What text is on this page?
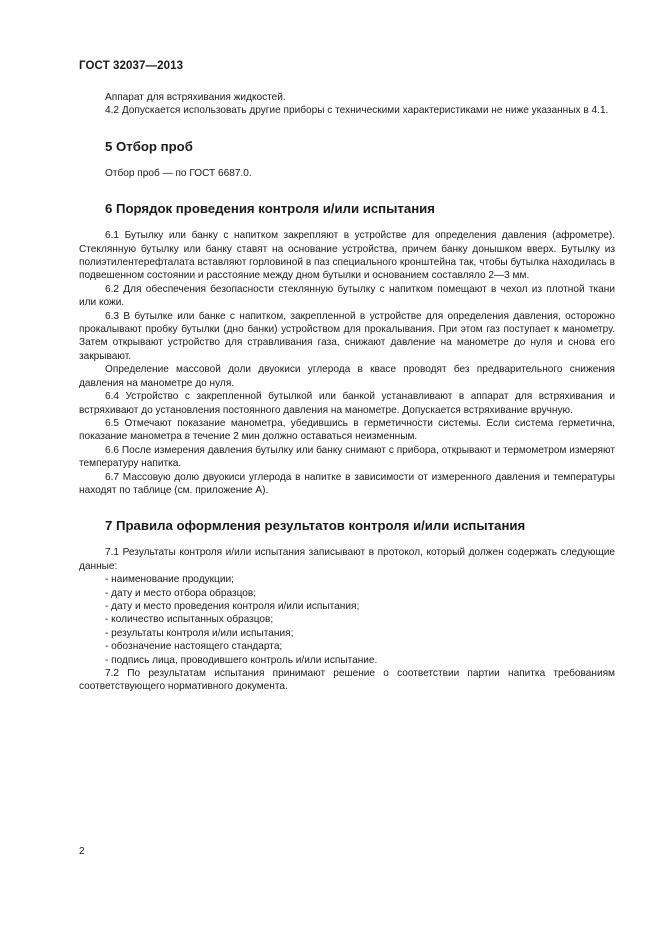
ГОСТ 32037—2013

Аппарат для встряхивания жидкостей.

4.2 Допускается использовать другие приборы с техническими характеристиками не ниже указанных в 4.1.

5 Отбор проб

Отбор проб — по ГОСТ 6687.0.

6 Порядок проведения контроля и/или испытания

6.1 Бутылку или банку с напитком закрепляют в устройстве для определения давления (афрометре). Стеклянную бутылку или банку ставят на основание устройства, причем банку донышком вверх. Бутылку из полиэтилентерефталата вставляют горловиной в паз специального кронштейна так, чтобы бутылка находилась в подвешенном состоянии и расстояние между дном бутылки и основанием составляло 2—3 мм.

6.2 Для обеспечения безопасности стеклянную бутылку с напитком помещают в чехол из плотной ткани или кожи.

6.3 В бутылке или банке с напитком, закрепленной в устройстве для определения давления, осторожно прокалывают пробку бутылки (дно банки) устройством для прокалывания. При этом газ поступает к манометру. Затем открывают устройство для стравливания газа, снижают давление на манометре до нуля и снова его закрывают.

Определение массовой доли двуокиси углерода в квасе проводят без предварительного снижения давления на манометре до нуля.

6.4 Устройство с закрепленной бутылкой или банкой устанавливают в аппарат для встряхивания и встряхивают до установления постоянного давления на манометре. Допускается встряхивание вручную.

6.5 Отмечают показание манометра, убедившись в герметичности системы. Если система герметична, показание манометра в течение 2 мин должно оставаться неизменным.

6.6 После измерения давления бутылку или банку снимают с прибора, открывают и термометром измеряют температуру напитка.

6.7 Массовую долю двуокиси углерода в напитке в зависимости от измеренного давления и температуры находят по таблице (см. приложение А).

7 Правила оформления результатов контроля и/или испытания

7.1 Результаты контроля и/или испытания записывают в протокол, который должен содержать следующие данные:

- наименование продукции;

- дату и место отбора образцов;

- дату и место проведения контроля и/или испытания;

- количество испытанных образцов;

- результаты контроля и/или испытания;

- обозначение настоящего стандарта;

- подпись лица, проводившего контроль и/или испытание.

7.2 По результатам испытания принимают решение о соответствии партии напитка требованиям соответствующего нормативного документа.

2
